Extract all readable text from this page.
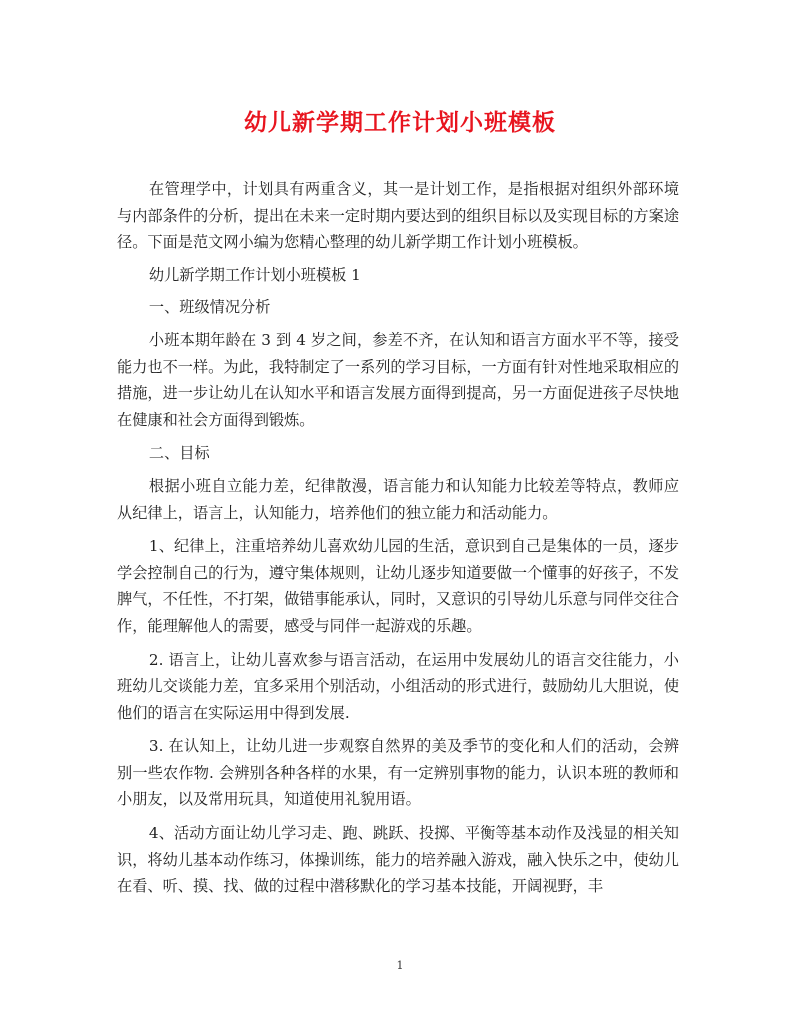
幼儿新学期工作计划小班模板

在管理学中，计划具有两重含义，其一是计划工作，是指根据对组织外部环境与内部条件的分析，提出在未来一定时期内要达到的组织目标以及实现目标的方案途径。下面是范文网小编为您精心整理的幼儿新学期工作计划小班模板。

幼儿新学期工作计划小班模板 1

一、班级情况分析

小班本期年龄在 3 到 4 岁之间，参差不齐，在认知和语言方面水平不等，接受能力也不一样。为此，我特制定了一系列的学习目标，一方面有针对性地采取相应的措施，进一步让幼儿在认知水平和语言发展方面得到提高，另一方面促进孩子尽快地在健康和社会方面得到锻炼。

二、目标

根据小班自立能力差，纪律散漫，语言能力和认知能力比较差等特点，教师应从纪律上，语言上，认知能力，培养他们的独立能力和活动能力。

1、纪律上，注重培养幼儿喜欢幼儿园的生活，意识到自己是集体的一员，逐步学会控制自己的行为，遵守集体规则，让幼儿逐步知道要做一个懂事的好孩子，不发脾气，不任性，不打架，做错事能承认，同时，又意识的引导幼儿乐意与同伴交往合作，能理解他人的需要，感受与同伴一起游戏的乐趣。

2. 语言上，让幼儿喜欢参与语言活动，在运用中发展幼儿的语言交往能力，小班幼儿交谈能力差，宜多采用个别活动，小组活动的形式进行，鼓励幼儿大胆说，使他们的语言在实际运用中得到发展.

3. 在认知上，让幼儿进一步观察自然界的美及季节的变化和人们的活动，会辨别一些农作物. 会辨别各种各样的水果，有一定辨别事物的能力，认识本班的教师和小朋友，以及常用玩具，知道使用礼貌用语。

4、活动方面让幼儿学习走、跑、跳跃、投掷、平衡等基本动作及浅显的相关知识，将幼儿基本动作练习，体操训练，能力的培养融入游戏，融入快乐之中，使幼儿在看、听、摸、找、做的过程中潜移默化的学习基本技能，开阔视野，丰

1
